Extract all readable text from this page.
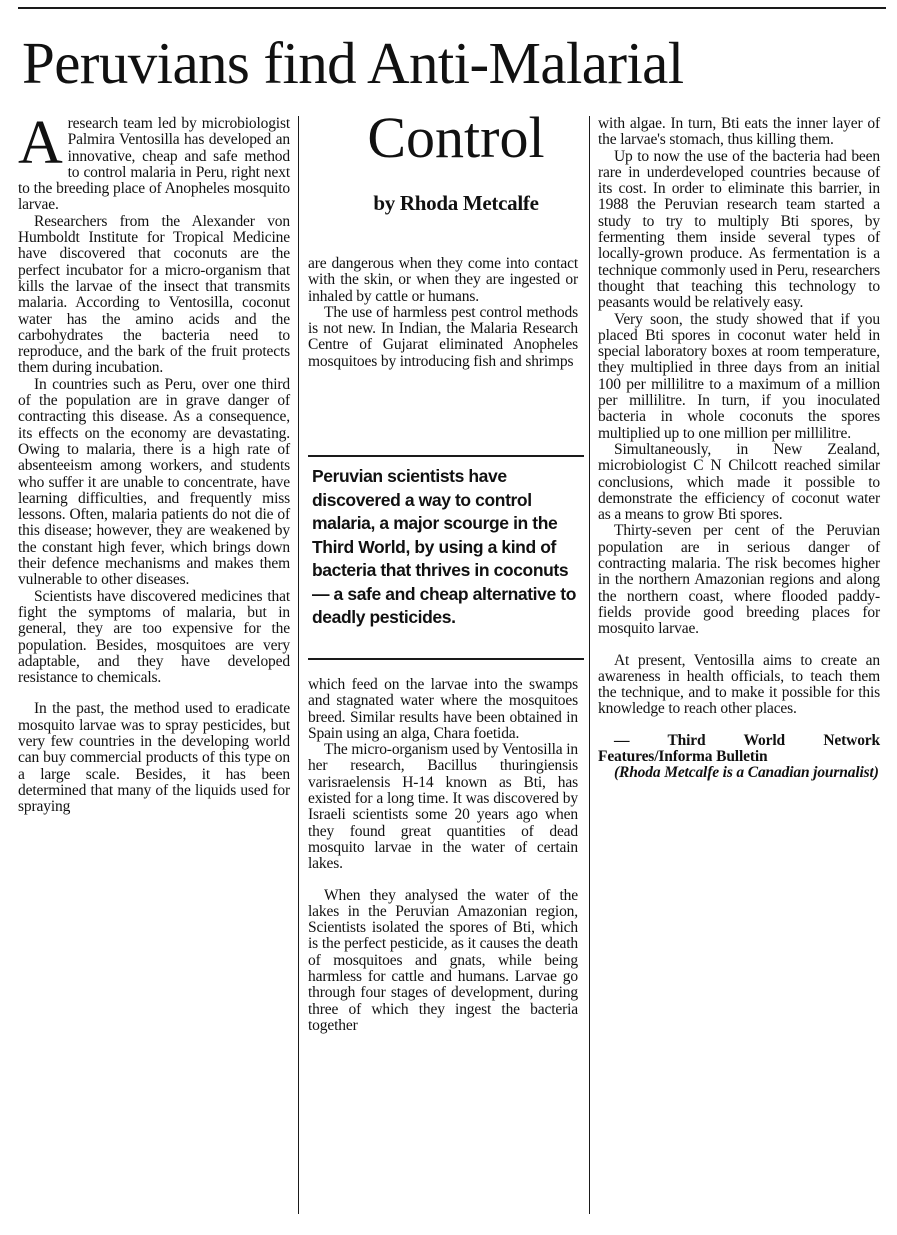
Peruvians find Anti-Malarial
Control
by Rhoda Metcalfe

Aresearch team led by microbiologist Palmira Ventosilla has developed an innovative, cheap and safe method to control malaria in Peru, right next to the breeding place of Anopheles mosquito larvae.

Researchers from the Alexander von Humboldt Institute for Tropical Medicine have discovered that coconuts are the perfect incubator for a micro-organism that kills the larvae of the insect that transmits malaria. According to Ventosilla, coconut water has the amino acids and the carbohydrates the bacteria need to reproduce, and the bark of the fruit protects them during incubation.

In countries such as Peru, over one third of the population are in grave danger of contracting this disease. As a consequence, its effects on the economy are devastating. Owing to malaria, there is a high rate of absenteeism among workers, and students who suffer it are unable to concentrate, have learning difficulties, and frequently miss lessons. Often, malaria patients do not die of this disease; however, they are weakened by the constant high fever, which brings down their defence mechanisms and makes them vulnerable to other diseases.

Scientists have discovered medicines that fight the symptoms of malaria, but in general, they are too expensive for the population. Besides, mosquitoes are very adaptable, and they have developed resistance to chemicals.

In the past, the method used to eradicate mosquito larvae was to spray pesticides, but very few countries in the developing world can buy commercial products of this type on a large scale. Besides, it has been determined that many of the liquids used for spraying

are dangerous when they come into contact with the skin, or when they are ingested or inhaled by cattle or humans.

The use of harmless pest control methods is not new. In Indian, the Malaria Research Centre of Gujarat eliminated Anopheles mosquitoes by introducing fish and shrimps

Peruvian scientists have discovered a way to control malaria, a major scourge in the Third World, by using a kind of bacteria that thrives in coconuts — a safe and cheap alternative to deadly pesticides.

which feed on the larvae into the swamps and stagnated water where the mosquitoes breed. Similar results have been obtained in Spain using an alga, Chara foetida.

The micro-organism used by Ventosilla in her research, Bacillus thuringiensis varisraelensis H-14 known as Bti, has existed for a long time. It was discovered by Israeli scientists some 20 years ago when they found great quantities of dead mosquito larvae in the water of certain lakes.

When they analysed the water of the lakes in the Peruvian Amazonian region, Scientists isolated the spores of Bti, which is the perfect pesticide, as it causes the death of mosquitoes and gnats, while being harmless for cattle and humans. Larvae go through four stages of development, during three of which they ingest the bacteria together

with algae. In turn, Bti eats the inner layer of the larvae's stomach, thus killing them.

Up to now the use of the bacteria had been rare in underdeveloped countries because of its cost. In order to eliminate this barrier, in 1988 the Peruvian research team started a study to try to multiply Bti spores, by fermenting them inside several types of locally-grown produce. As fermentation is a technique commonly used in Peru, researchers thought that teaching this technology to peasants would be relatively easy.

Very soon, the study showed that if you placed Bti spores in coconut water held in special laboratory boxes at room temperature, they multiplied in three days from an initial 100 per millilitre to a maximum of a million per millilitre. In turn, if you inoculated bacteria in whole coconuts the spores multiplied up to one million per millilitre.

Simultaneously, in New Zealand, microbiologist C N Chilcott reached similar conclusions, which made it possible to demonstrate the efficiency of coconut water as a means to grow Bti spores.

Thirty-seven per cent of the Peruvian population are in serious danger of contracting malaria. The risk becomes higher in the northern Amazonian regions and along the northern coast, where flooded paddy-fields provide good breeding places for mosquito larvae.

At present, Ventosilla aims to create an awareness in health officials, to teach them the technique, and to make it possible for this knowledge to reach other places.

— Third World Network Features/Informa Bulletin

(Rhoda Metcalfe is a Canadian journalist)
